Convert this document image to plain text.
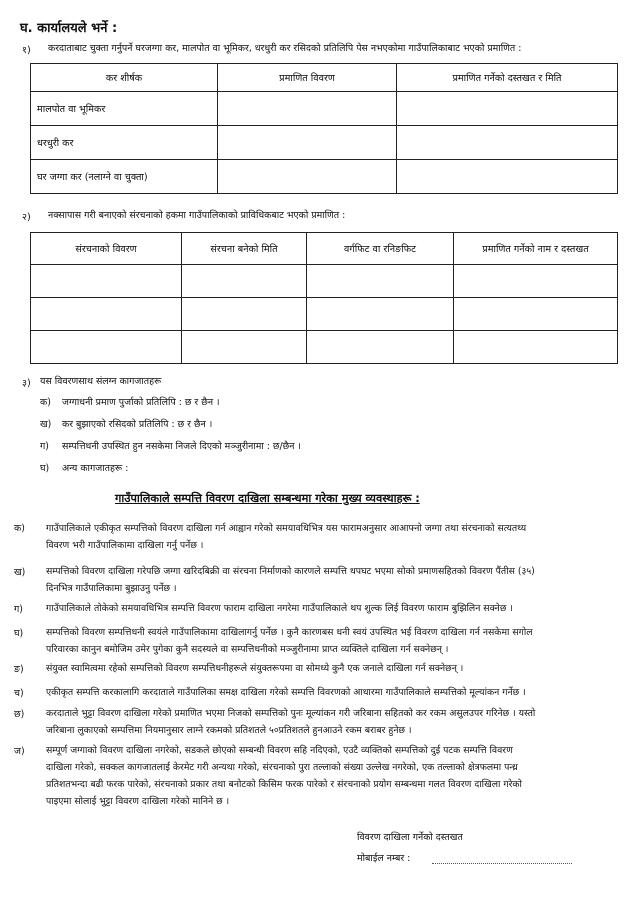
घ. कार्यालयले भर्ने :
१) करदाताबाट चुक्ता गर्नुपर्ने घरजग्गा कर, मालपोत वा भूमिकर, धरधुरी कर रसिदको प्रतिलिपि पेस नभएकोमा गाउँपालिकाबाट भएको प्रमाणित :
कर शीर्षक	प्रमाणित विवरण	प्रमाणित गर्नेको दस्तखत र मिति
मालपोत वा भूमिकर		
धरधुरी कर		
घर जग्गा कर (नलाग्ने वा चुक्ता)		
२) नक्सापास गरी बनाएको संरचनाको हकमा गाउँपालिकाको प्राविधिकबाट भएको प्रमाणित :
संरचनाको विवरण	संरचना बनेको मिति	वर्गफिट वा रनिङफिट	प्रमाणित गर्नेको नाम र दस्तखत

३) यस विवरणसाथ संलग्न कागजातहरू
क) जग्गाधनी प्रमाण पुर्जाको प्रतिलिपि : छ र छैन ।
ख) कर बुझाएको रसिदको प्रतिलिपि : छ र छैन ।
ग) सम्पत्तिधनी उपस्थित हुन नसकेमा निजले दिएको मञ्जुरीनामा : छ/छैन ।
घ) अन्य कागजातहरू :
गाउँपालिकाले सम्पत्ति विवरण दाखिला सम्बन्धमा गरेका मुख्य व्यवस्थाहरू :
क) गाउँपालिकाले एकीकृत सम्पत्तिको विवरण दाखिला गर्न आह्वान गरेको समयावधिभित्र यस फारामअनुसार आआफ्नो जग्गा तथा संरचनाको सत्यतथ्य
विवरण भरी गाउँपालिकामा दाखिला गर्नु पर्नेछ ।
ख) सम्पत्तिको विवरण दाखिला गरेपछि जग्गा खरिदबिक्री वा संरचना निर्माणको कारणले सम्पत्ति थपघट भएमा सोको प्रमाणसहितको विवरण पैंतीस (३५)
दिनभित्र गाउँपालिकामा बुझाउनु पर्नेछ ।
ग) गाउँपालिकाले तोकेको समयावधिभित्र सम्पत्ति विवरण फाराम दाखिला नगरेमा गाउँपालिकाले थप शुल्क लिई विवरण फाराम बुझिलिन सक्नेछ ।
घ) सम्पत्तिको विवरण सम्पत्तिधनी स्वयंले गाउँपालिकामा दाखिलागर्नु पर्नेछ । कुनै कारणबस धनी स्वयं उपस्थित भई विवरण दाखिला गर्न नसकेमा सगोल
परिवारका कानुन बमोजिम उमेर पुगेका कुनै सदस्यले वा सम्पत्तिधनीको मञ्जुरीनामा प्राप्त व्यक्तिले दाखिला गर्न सक्नेछन् ।
ङ) संयुक्त स्वामित्वमा रहेको सम्पत्तिको विवरण सम्पत्तिधनीहरूले संयुक्तरूपमा वा सोमध्ये कुनै एक जनाले दाखिला गर्न सक्नेछन् ।
च) एकीकृत सम्पत्ति करकालागि करदाताले गाउँपालिका समक्ष दाखिला गरेको सम्पत्ति विवरणको आधारमा गाउँपालिकाले सम्पत्तिको मूल्यांकन गर्नेछ ।
छ) करदाताले भुट्टा विवरण दाखिला गरेको प्रमाणित भएमा निजको सम्पत्तिको पुनः मूल्यांकन गरी जरिबाना सहितको कर रकम असुलउपर गरिनेछ । यस्तो
जरिबाना लुकाएको सम्पत्तिमा नियमानुसार लाग्ने रकमको प्रतिशतले ५०प्रतिशतले हुनआउने रकम बराबर हुनेछ ।
ज) सम्पूर्ण जग्गाको विवरण दाखिला नगरेको, सडकले छोएको सम्बन्धी विवरण सहि नदिएको, एउटै व्यक्तिको सम्पत्तिको दुई पटक सम्पत्ति विवरण
दाखिला गरेको, सक्कल कागजातलाई केरमेट गरी अन्यथा गरेको, संरचनाको पुरा तल्लाको संख्या उल्लेख नगरेको, एक तल्लाको क्षेत्रफलमा पन्ध्र
प्रतिशतभन्दा बढी फरक पारेको, संरचनाको प्रकार तथा बनोटको किसिम फरक पारेको र संरचनाको प्रयोग सम्बन्धमा गलत विवरण दाखिला गरेको
पाइएमा सोलाई भुट्टा विवरण दाखिला गरेको मानिने छ ।
विवरण दाखिला गर्नेको दस्तखत
मोबाईल नम्बर :
